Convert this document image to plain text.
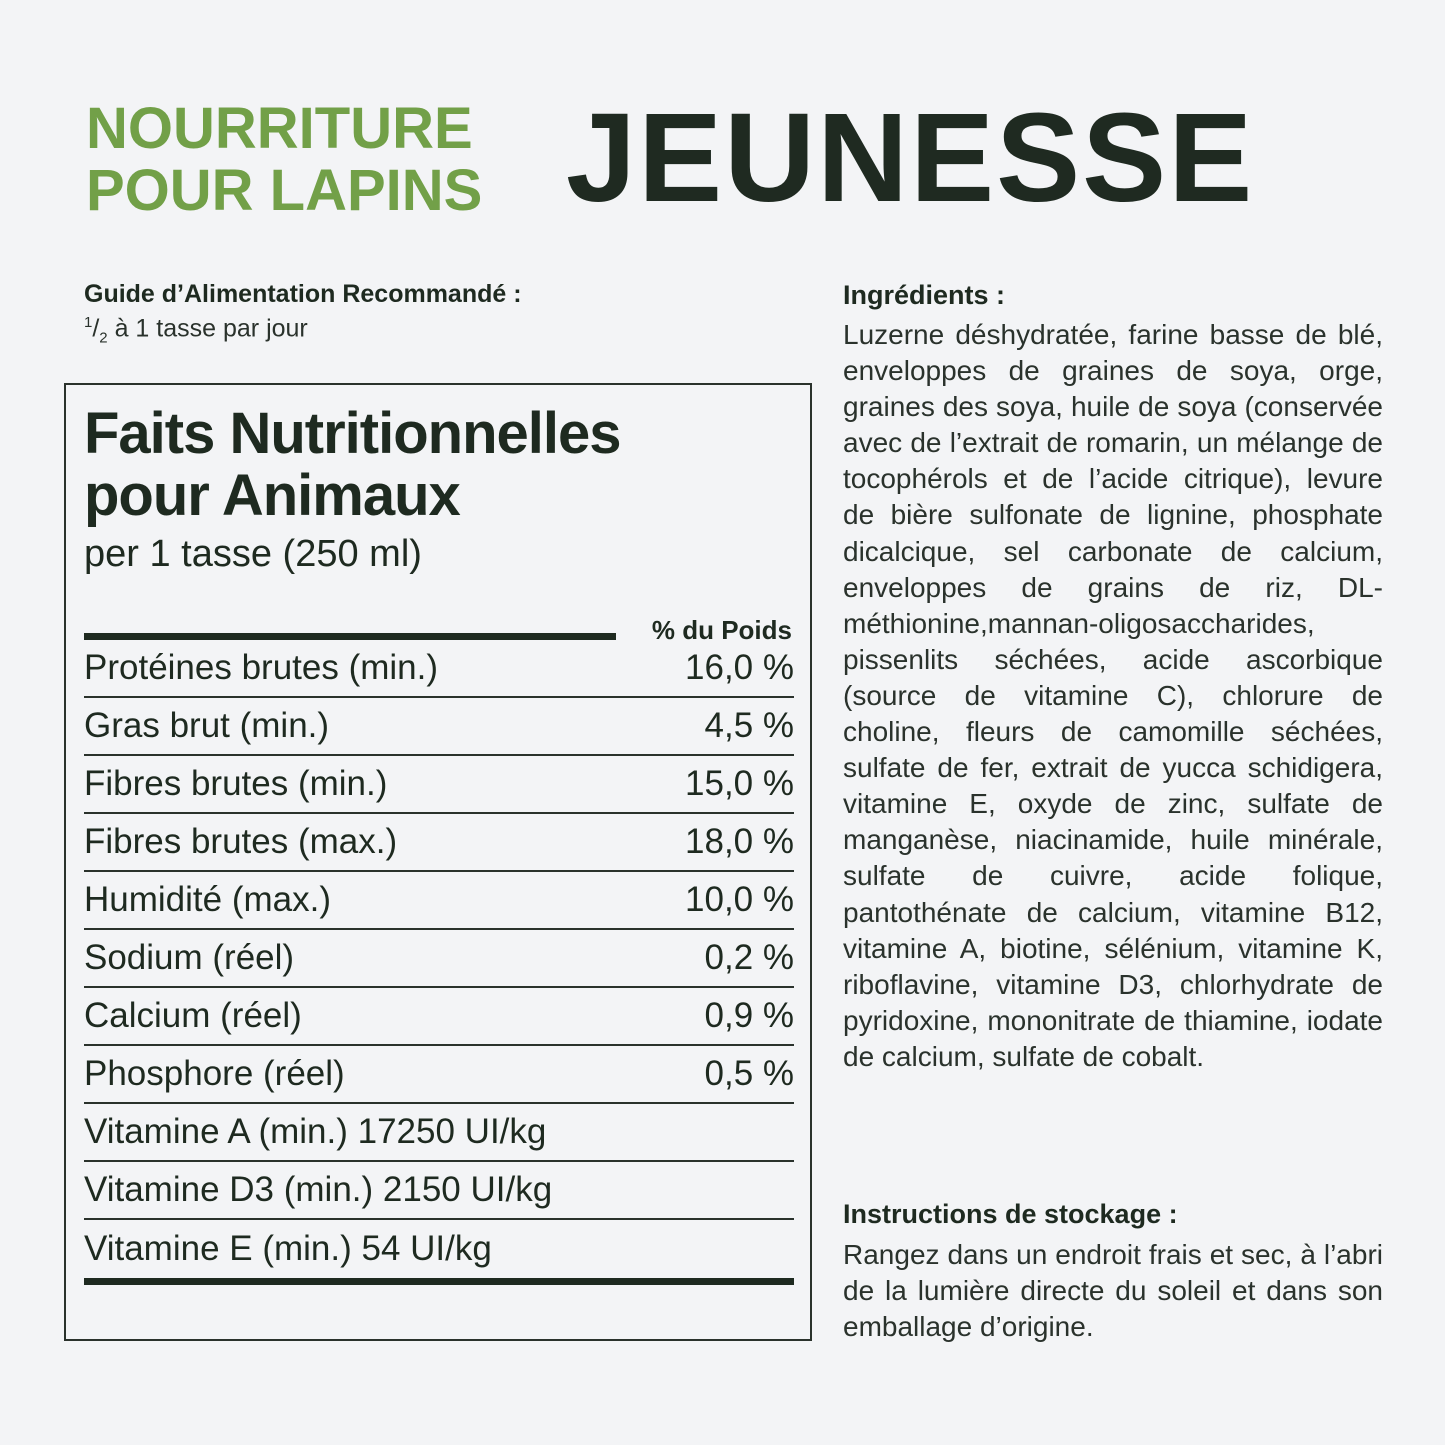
NOURRITURE
POUR LAPINS JEUNESSE
Guide d’Alimentation Recommandé :
$^1/_2$ à 1 tasse par jour
Faits Nutritionnelles
pour Animaux
per 1 tasse (250 ml)
% du Poids
Protéines brutes (min.)	16,0 %
Gras brut (min.)	4,5 %
Fibres brutes (min.)	15,0 %
Fibres brutes (max.)	18,0 %
Humidité (max.)	10,0 %
Sodium (réel)	0,2 %
Calcium (réel)	0,9 %
Phosphore (réel)	0,5 %
Vitamine A (min.) 17250 UI/kg
Vitamine D3 (min.) 2150 UI/kg
Vitamine E (min.) 54 UI/kg
Ingrédients :
Luzerne déshydratée, farine basse de blé, enveloppes de graines de soya, orge, graines des soya, huile de soya (conservée avec de l’extrait de romarin, un mélange de tocophérols et de l’acide citrique), levure de bière sulfonate de lignine, phosphate dicalcique, sel carbonate de calcium, enveloppes de grains de riz, DL-méthionine,mannan-oligosaccharides, pissenlits séchées, acide ascorbique (source de vitamine C), chlorure de choline, fleurs de camomille séchées, sulfate de fer, extrait de yucca schidigera, vitamine E, oxyde de zinc, sulfate de manganèse, niacinamide, huile minérale, sulfate de cuivre, acide folique, pantothénate de calcium, vitamine B12, vitamine A, biotine, sélénium, vitamine K, riboflavine, vitamine D3, chlorhydrate de pyridoxine, mononitrate de thiamine, iodate de calcium, sulfate de cobalt.
Instructions de stockage :
Rangez dans un endroit frais et sec, à l’abri de la lumière directe du soleil et dans son emballage d’origine.
